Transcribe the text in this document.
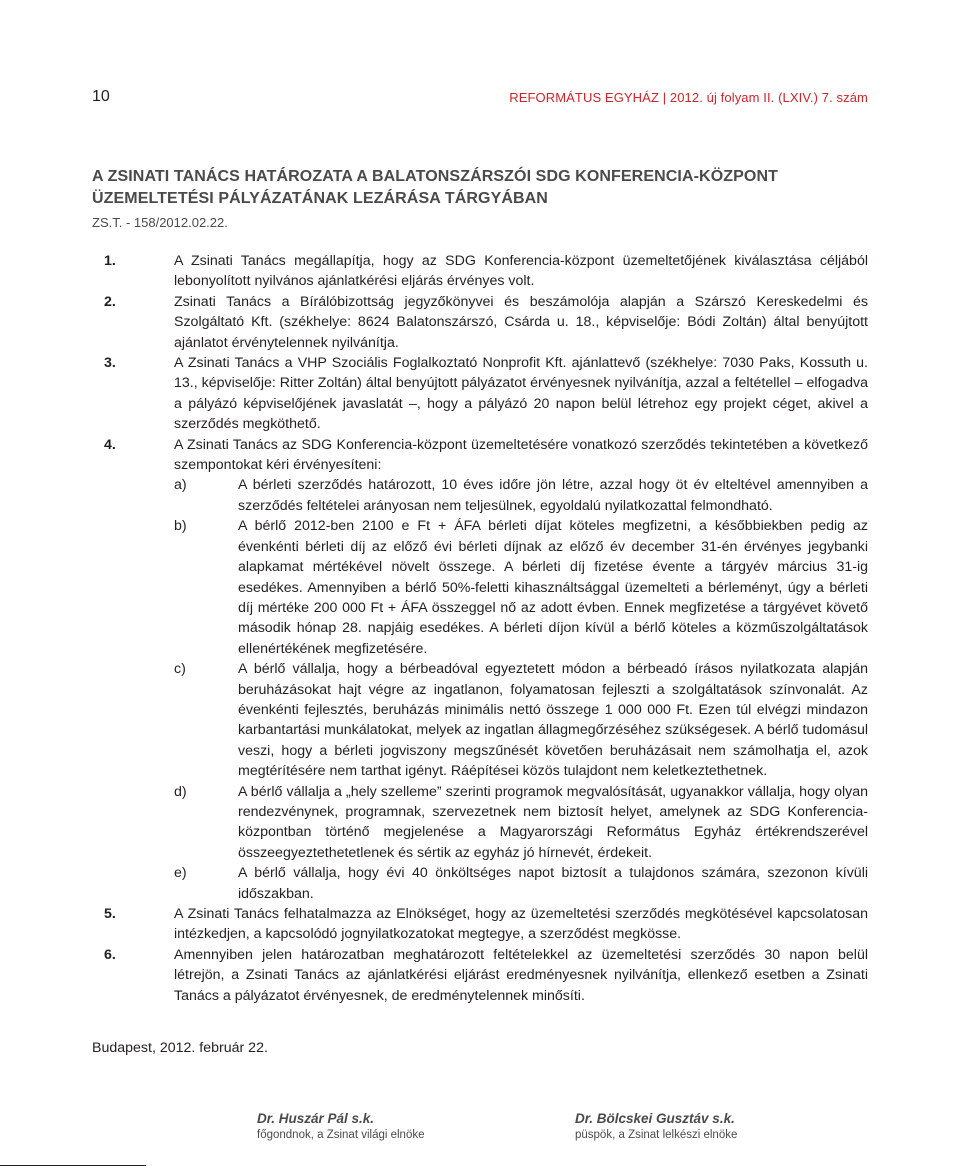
10	REFORMÁTUS EGYHÁZ | 2012. új folyam II. (LXIV.) 7. szám
A ZSINATI TANÁCS HATÁROZATA A BALATONSZÁRSZÓI SDG KONFERENCIA-KÖZPONT
ÜZEMELTETÉSI PÁLYÁZATÁNAK LEZÁRÁSA TÁRGYÁBAN
ZS.T. - 158/2012.02.22.
1.	A Zsinati Tanács megállapítja, hogy az SDG Konferencia-központ üzemeltetőjének kiválasztása céljából lebonyolított nyilvános ajánlatkérési eljárás érvényes volt.
2.	Zsinati Tanács a Bírálóbizottság jegyzőkönyvei és beszámolója alapján a Szárszó Kereskedelmi és Szolgáltató Kft. (székhelye: 8624 Balatonszárszó, Csárda u. 18., képviselője: Bódi Zoltán) által benyújtott ajánlatot érvénytelennek nyilvánítja.
3.	A Zsinati Tanács a VHP Szociális Foglalkoztató Nonprofit Kft. ajánlattevő (székhelye: 7030 Paks, Kossuth u. 13., képviselője: Ritter Zoltán) által benyújtott pályázatot érvényesnek nyilvánítja, azzal a feltétellel – elfogadva a pályázó képviselőjének javaslatát –, hogy a pályázó 20 napon belül létrehoz egy projekt céget, akivel a szerződés megköthető.
4.	A Zsinati Tanács az SDG Konferencia-központ üzemeltetésére vonatkozó szerződés tekintetében a következő szempontokat kéri érvényesíteni:
a)	A bérleti szerződés határozott, 10 éves időre jön létre, azzal hogy öt év elteltével amennyiben a szerződés feltételei arányosan nem teljesülnek, egyoldalú nyilatkozattal felmondható.
b)	A bérlő 2012-ben 2100 e Ft + ÁFA bérleti díjat köteles megfizetni, a későbbiekben pedig az évenkénti bérleti díj az előző évi bérleti díjnak az előző év december 31-én érvényes jegybanki alapkamat mértékével növelt összege. A bérleti díj fizetése évente a tárgyév március 31-ig esedékes. Amennyiben a bérlő 50%-feletti kihasználtsággal üzemelteti a bérleményt, úgy a bérleti díj mértéke 200 000 Ft + ÁFA összeggel nő az adott évben. Ennek megfizetése a tárgyévet követő második hónap 28. napjáig esedékes. A bérleti díjon kívül a bérlő köteles a közműszolgáltatások ellenértékének megfizetésére.
c)	A bérlő vállalja, hogy a bérbeadóval egyeztetett módon a bérbeadó írásos nyilatkozata alapján beruházásokat hajt végre az ingatlanon, folyamatosan fejleszti a szolgáltatások színvonalát. Az évenkénti fejlesztés, beruházás minimális nettó összege 1 000 000 Ft. Ezen túl elvégzi mindazon karbantartási munkálatokat, melyek az ingatlan állagmegőrzéséhez szükségesek. A bérlő tudomásul veszi, hogy a bérleti jogviszony megszűnését követően beruházásait nem számolhatja el, azok megtérítésére nem tarthat igényt. Ráépítései közös tulajdont nem keletkeztethetnek.
d)	A bérlő vállalja a „hely szelleme” szerinti programok megvalósítását, ugyanakkor vállalja, hogy olyan rendezvénynek, programnak, szervezetnek nem biztosít helyet, amelynek az SDG Konferencia-központban történő megjelenése a Magyarországi Református Egyház értékrendszerével összeegyeztethetetlenek és sértik az egyház jó hírnevét, érdekeit.
e)	A bérlő vállalja, hogy évi 40 önköltséges napot biztosít a tulajdonos számára, szezonon kívüli időszakban.
5.	A Zsinati Tanács felhatalmazza az Elnökséget, hogy az üzemeltetési szerződés megkötésével kapcsolatosan intézkedjen, a kapcsolódó jognyilatkozatokat megtegye, a szerződést megkösse.
6.	Amennyiben jelen határozatban meghatározott feltételekkel az üzemeltetési szerződés 30 napon belül létrejön, a Zsinati Tanács az ajánlatkérési eljárást eredményesnek nyilvánítja, ellenkező esetben a Zsinati Tanács a pályázatot érvényesnek, de eredménytelennek minősíti.
Budapest, 2012. február 22.
Dr. Huszár Pál s.k.
főgondnok, a Zsinat világi elnöke
Dr. Bölcskei Gusztáv s.k.
püspök, a Zsinat lelkészi elnöke
